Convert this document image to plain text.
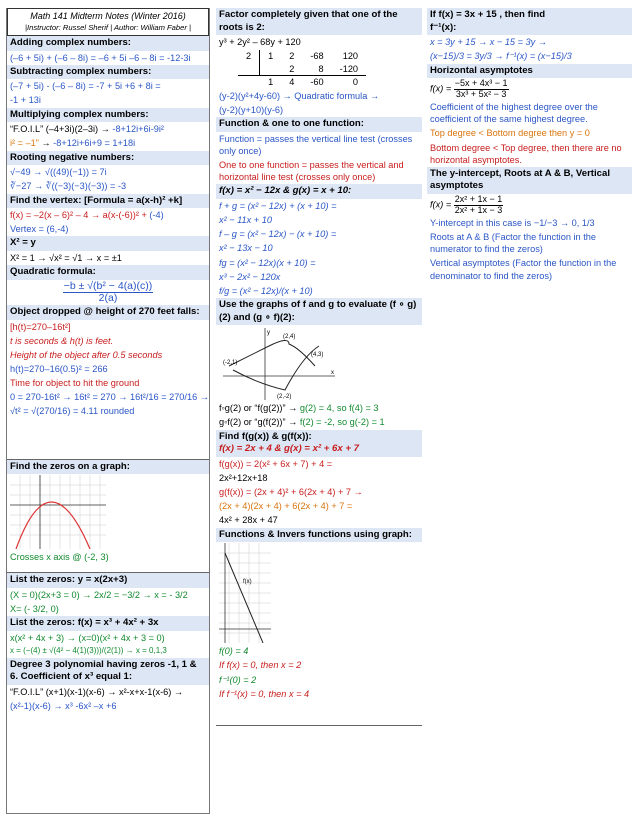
Math 141 Midterm Notes (Winter 2016)
|Instructor: Russel Sherif | Author: William Faber |
Adding complex numbers:
(–6 + 5i) + (–6 – 8i) = –6 + 5i –6 – 8i = -12-3i
Subtracting complex numbers:
(–7 + 5i) - (–6 – 8i) = -7 + 5i +6 + 8i =
-1 + 13i
Multiplying complex numbers:
“F.O.I.L” (–4+3i)(2–3i) → -8+12i+6i-9i²
i² = –1” → -8+12i+6i+9 = 1+18i
Rooting negative numbers:
√−49 → √((49)(−1)) = 7i
∛−27 → ∛((−3)(−3)(−3)) = -3
Find the vertex: [Formula = a(x-h)² +k]
f(x) = –2(x – 6)² – 4 → a(x-(-6))² + (-4)
Vertex = (6,-4)
X² = y
X² = 1 → √x² = √1 → x = ±1
Quadratic formula:
$\frac{\text{−b ± √(b² − 4(a)(c))}}{2(a)}$
Object dropped @ height of 270 feet falls:
[h(t)=270–16t²]
t is seconds & h(t) is feet.
Height of the object after 0.5 seconds
h(t)=270–16(0.5)² = 266
Time for object to hit the ground
0 = 270-16t² → 16t² = 270 → 16t²/16 = 270/16 →
√t² = √(270/16) = 4.11 rounded
Find the zeros on a graph:
Crosses x axis @ (-2, 3)
List the zeros: y = x(2x+3)
(X = 0)(2x+3 = 0) → 2x/2 = −3/2 → x = - 3/2
X= (- 3/2, 0)
List the zeros: f(x) = x³ + 4x² + 3x
x(x² + 4x + 3) → (x=0)(x² + 4x + 3 = 0)
x = (−(4) ± √(4² − 4(1)(3)))/(2(1)) → x = 0,1,3
Degree 3 polynomial having zeros -1, 1 & 6. Coefficient of x³ equal 1:
“F.O.I.L” (x+1)(x-1)(x-6) → x²-x+x-1(x-6) →
(x²-1)(x-6) → x³ -6x² –x +6
Factor completely given that one of the roots is 2:
y³ + 2y² – 68y + 120
2	1	2	-68	120
		2	8	-120
	1	4	-60	0
(y-2)(y²+4y-60) → Quadratic formula →
(y-2)(y+10)(y-6)
Function & one to one function:
Function = passes the vertical line test (crosses only once)
One to one function = passes the vertical and horizontal line test (crosses only once)
f(x) = x² − 12x & g(x) = x + 10:
f + g = (x² − 12x) + (x + 10) =
x² − 11x + 10
f – g = (x² − 12x) − (x + 10) =
x² − 13x − 10
fg = (x² − 12x)(x + 10) =
x³ − 2x² − 120x
f/g = (x² − 12x)/(x + 10)
Use the graphs of f and g to evaluate (f ∘ g)(2) and (g ∘ f)(2):
(2,4)
(4,3)
(-2,1)
(2,-2)
y
x
f◦g(2) or “f(g(2))” → g(2) = 4, so f(4) = 3
g◦f(2) or “g(f(2))” → f(2) = -2, so g(-2) = 1
Find f(g(x)) & g(f(x)):
f(x) = 2x + 4 & g(x) = x² + 6x + 7
f(g(x)) = 2(x² + 6x + 7) + 4 =
2x²+12x+18
g(f(x)) = (2x + 4)² + 6(2x + 4) + 7 →
(2x + 4)(2x + 4) + 6(2x + 4) + 7 =
4x² + 28x + 47
Functions & Invers functions using graph:
f(x)
f(0) = 4
If f(x) = 0, then x = 2
f⁻¹(0) = 2
If f⁻¹(x) = 0, then x = 4
If f(x) = 3x + 15 , then find
f⁻¹(x):
x = 3y + 15 → x − 15 = 3y →
(x−15)/3 = 3y/3 → f⁻¹(x) = (x−15)/3
Horizontal asymptotes
$f(x) = \frac{\text{−5x + 4x³ − 1}}{\text{3x³ + 5x² − 3}}$
Coefficient of the highest degree over the coefficient of the same highest degree.
Top degree < Bottom degree then y = 0
Bottom degree < Top degree, then there are no horizontal asymptotes.
The y-intercept, Roots at A & B, Vertical asymptotes
$f(x) = \frac{\text{2x² + 1x − 1}}{\text{2x² + 1x − 3}}$
Y-intercept in this case is −1/−3 → 0, 1/3
Roots at A & B (Factor the function in the numerator to find the zeros)
Vertical asymptotes (Factor the function in the denominator to find the zeros)
